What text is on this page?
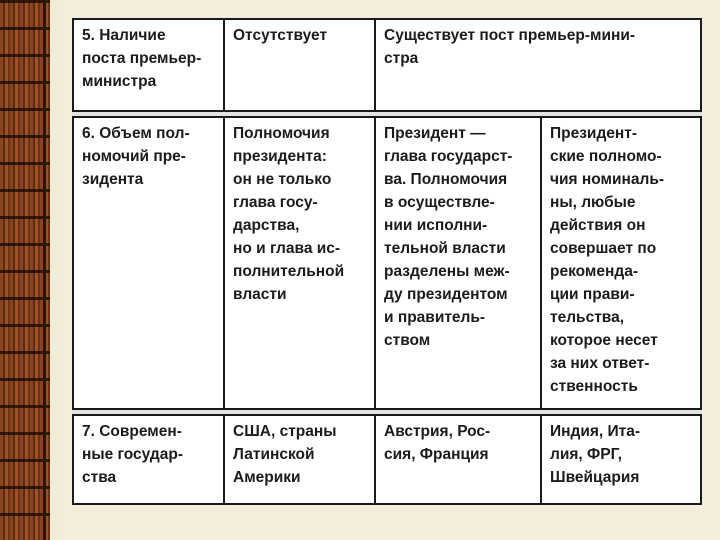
5. Наличие
поста премьер-
министра
Отсутствует	Существует пост премьер-мини-
стра
6. Объем пол-
номочий пре-
зидента
Полномочия
президента:
он не только
глава госу-
дарства,
но и глава ис-
полнительной
власти
Президент —
глава государст-
ва. Полномочия
в осуществле-
нии исполни-
тельной власти
разделены меж-
ду президентом
и правитель-
ством
Президент-
ские полномо-
чия номиналь-
ны, любые
действия он
совершает по
рекоменда-
ции прави-
тельства,
которое несет
за них ответ-
ственность
7. Современ-
ные государ-
ства
США, страны
Латинской
Америки
Австрия, Рос-
сия, Франция
Индия, Ита-
лия, ФРГ,
Швейцария
